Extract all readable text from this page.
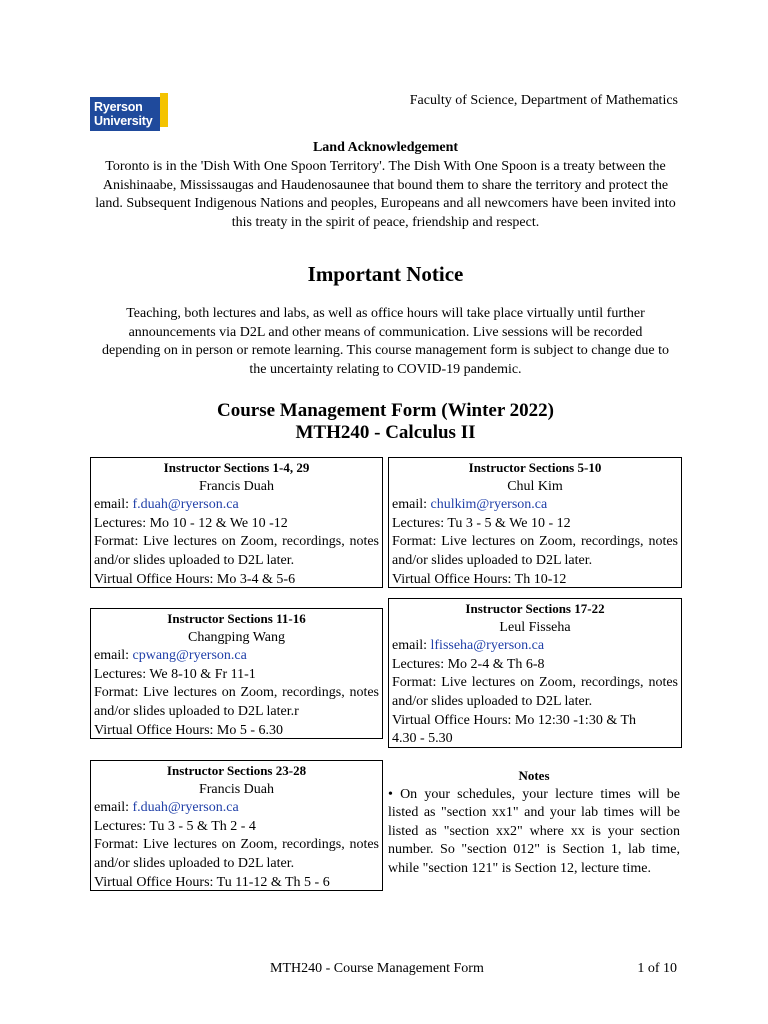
Ryerson
University
Faculty of Science, Department of Mathematics
Land Acknowledgement
Toronto is in the 'Dish With One Spoon Territory'. The Dish With One Spoon is a treaty between the Anishinaabe, Mississaugas and Haudenosaunee that bound them to share the territory and protect the land. Subsequent Indigenous Nations and peoples, Europeans and all newcomers have been invited into this treaty in the spirit of peace, friendship and respect.
Important Notice
Teaching, both lectures and labs, as well as office hours will take place virtually until further announcements via D2L and other means of communication. Live sessions will be recorded depending on in person or remote learning. This course management form is subject to change due to the uncertainty relating to COVID-19 pandemic.
Course Management Form (Winter 2022)
MTH240 - Calculus II
Instructor Sections 1-4, 29
Francis Duah
email: f.duah@ryerson.ca
Lectures: Mo 10 - 12 & We 10 -12
Format: Live lectures on Zoom, recordings, notes and/or slides uploaded to D2L later.
Virtual Office Hours: Mo 3-4 & 5-6
Instructor Sections 5-10
Chul Kim
email: chulkim@ryerson.ca
Lectures: Tu 3 - 5 & We 10 - 12
Format: Live lectures on Zoom, recordings, notes and/or slides uploaded to D2L later.
Virtual Office Hours: Th 10-12
Instructor Sections 11-16
Changping Wang
email: cpwang@ryerson.ca
Lectures: We 8-10 & Fr 11-1
Format: Live lectures on Zoom, recordings, notes and/or slides uploaded to D2L later.r
Virtual Office Hours: Mo 5 - 6.30
Instructor Sections 17-22
Leul Fisseha
email: lfisseha@ryerson.ca
Lectures: Mo 2-4 & Th 6-8
Format: Live lectures on Zoom, recordings, notes and/or slides uploaded to D2L later.
Virtual Office Hours: Mo 12:30 -1:30 & Th 4.30 - 5.30
Instructor Sections 23-28
Francis Duah
email: f.duah@ryerson.ca
Lectures: Tu 3 - 5 & Th 2 - 4
Format: Live lectures on Zoom, recordings, notes and/or slides uploaded to D2L later.
Virtual Office Hours: Tu 11-12 & Th 5 - 6
Notes
• On your schedules, your lecture times will be listed as "section xx1" and your lab times will be listed as "section xx2" where xx is your section number. So "section 012" is Section 1, lab time, while "section 121" is Section 12, lecture time.
MTH240 - Course Management Form	1 of 10
